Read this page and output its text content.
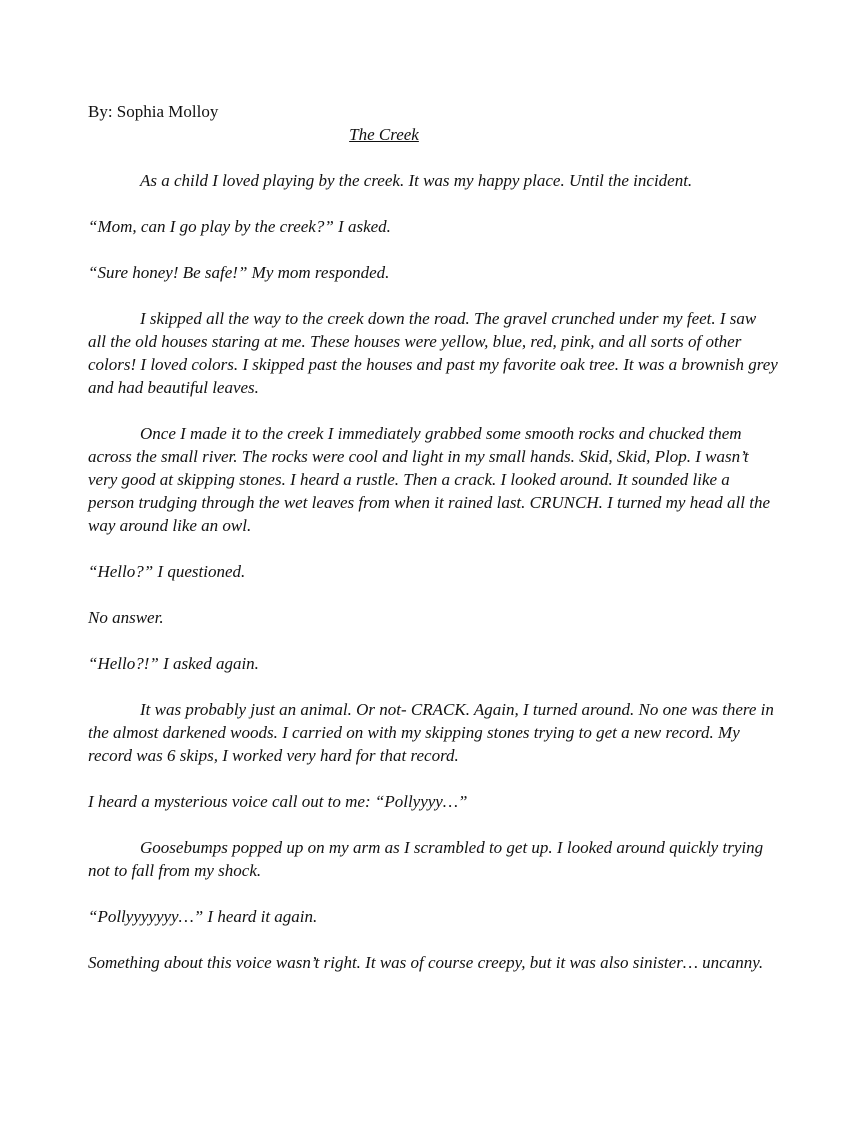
By: Sophia Molloy

The Creek

As a child I loved playing by the creek. It was my happy place. Until the incident.

“Mom, can I go play by the creek?” I asked.

“Sure honey! Be safe!” My mom responded.

I skipped all the way to the creek down the road. The gravel crunched under my feet. I saw all the old houses staring at me. These houses were yellow, blue, red, pink, and all sorts of other colors! I loved colors. I skipped past the houses and past my favorite oak tree. It was a brownish grey and had beautiful leaves.

Once I made it to the creek I immediately grabbed some smooth rocks and chucked them across the small river. The rocks were cool and light in my small hands. Skid, Skid, Plop. I wasn’t very good at skipping stones. I heard a rustle. Then a crack. I looked around. It sounded like a person trudging through the wet leaves from when it rained last. CRUNCH. I turned my head all the way around like an owl.

“Hello?” I questioned.

No answer.

“Hello?!” I asked again.

It was probably just an animal. Or not- CRACK. Again, I turned around. No one was there in the almost darkened woods. I carried on with my skipping stones trying to get a new record. My record was 6 skips, I worked very hard for that record.

I heard a mysterious voice call out to me: “Pollyyyy…”

Goosebumps popped up on my arm as I scrambled to get up. I looked around quickly trying not to fall from my shock.

“Pollyyyyyyy…” I heard it again.

Something about this voice wasn’t right. It was of course creepy, but it was also sinister… uncanny.
